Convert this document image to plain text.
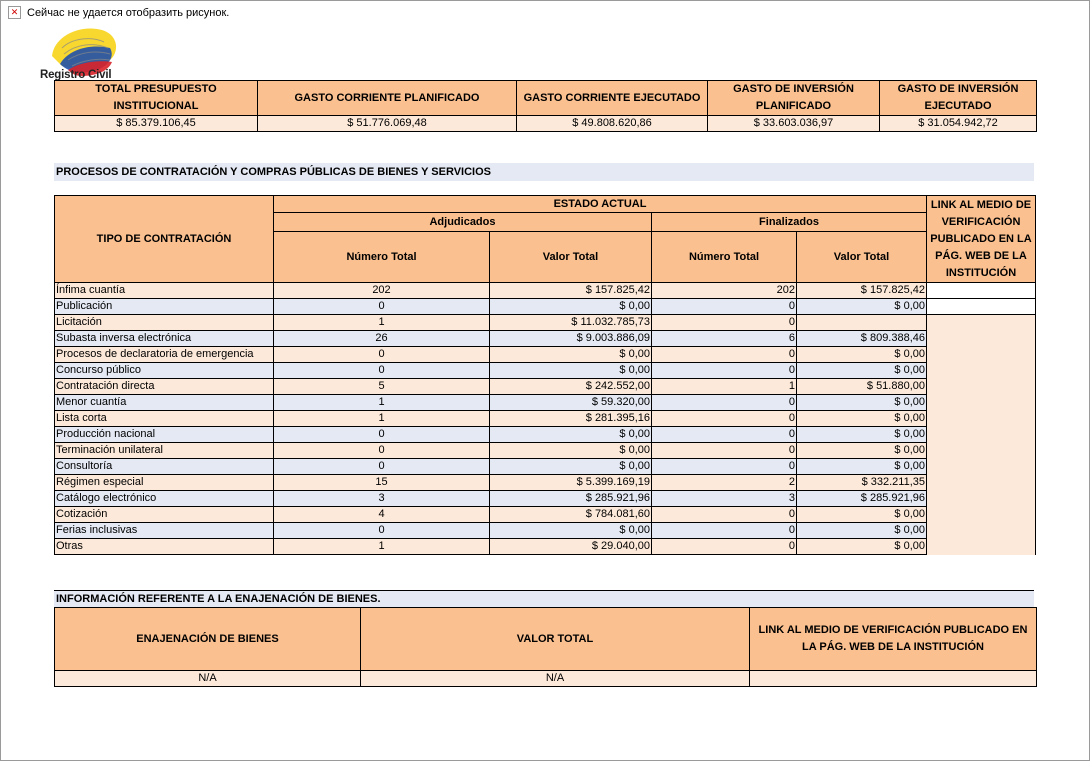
✕ Сейчас не удается отобразить рисунок.
Registro Civil
TOTAL PRESUPUESTO INSTITUCIONAL	GASTO CORRIENTE PLANIFICADO	GASTO CORRIENTE EJECUTADO	GASTO DE INVERSIÓN PLANIFICADO	GASTO DE INVERSIÓN EJECUTADO
$ 85.379.106,45	$ 51.776.069,48	$ 49.808.620,86	$ 33.603.036,97	$ 31.054.942,72
PROCESOS DE CONTRATACIÓN Y COMPRAS PÚBLICAS DE BIENES Y SERVICIOS
TIPO DE CONTRATACIÓN	ESTADO ACTUAL				LINK AL MEDIO DE VERIFICACIÓN PUBLICADO EN LA PÁG. WEB DE LA INSTITUCIÓN
	Adjudicados		Finalizados		
	Número Total	Valor Total	Número Total	Valor Total	
Ínfima cuantía	202	$ 157.825,42	202	$ 157.825,42	
Publicación	0	$ 0,00	0	$ 0,00	
Licitación	1	$ 11.032.785,73	0		
Subasta inversa electrónica	26	$ 9.003.886,09	6	$ 809.388,46	
Procesos de declaratoria de emergencia	0	$ 0,00	0	$ 0,00	
Concurso público	0	$ 0,00	0	$ 0,00	
Contratación directa	5	$ 242.552,00	1	$ 51.880,00	
Menor cuantía	1	$ 59.320,00	0	$ 0,00	
Lista corta	1	$ 281.395,16	0	$ 0,00	
Producción nacional	0	$ 0,00	0	$ 0,00	
Terminación unilateral	0	$ 0,00	0	$ 0,00	
Consultoría	0	$ 0,00	0	$ 0,00	
Régimen especial	15	$ 5.399.169,19	2	$ 332.211,35	
Catálogo electrónico	3	$ 285.921,96	3	$ 285.921,96	
Cotización	4	$ 784.081,60	0	$ 0,00	
Ferias inclusivas	0	$ 0,00	0	$ 0,00	
Otras	1	$ 29.040,00	0	$ 0,00	
INFORMACIÓN REFERENTE A LA ENAJENACIÓN DE BIENES.
ENAJENACIÓN DE BIENES	VALOR TOTAL	LINK AL MEDIO DE VERIFICACIÓN PUBLICADO EN LA PÁG. WEB DE LA INSTITUCIÓN
N/A	N/A	
